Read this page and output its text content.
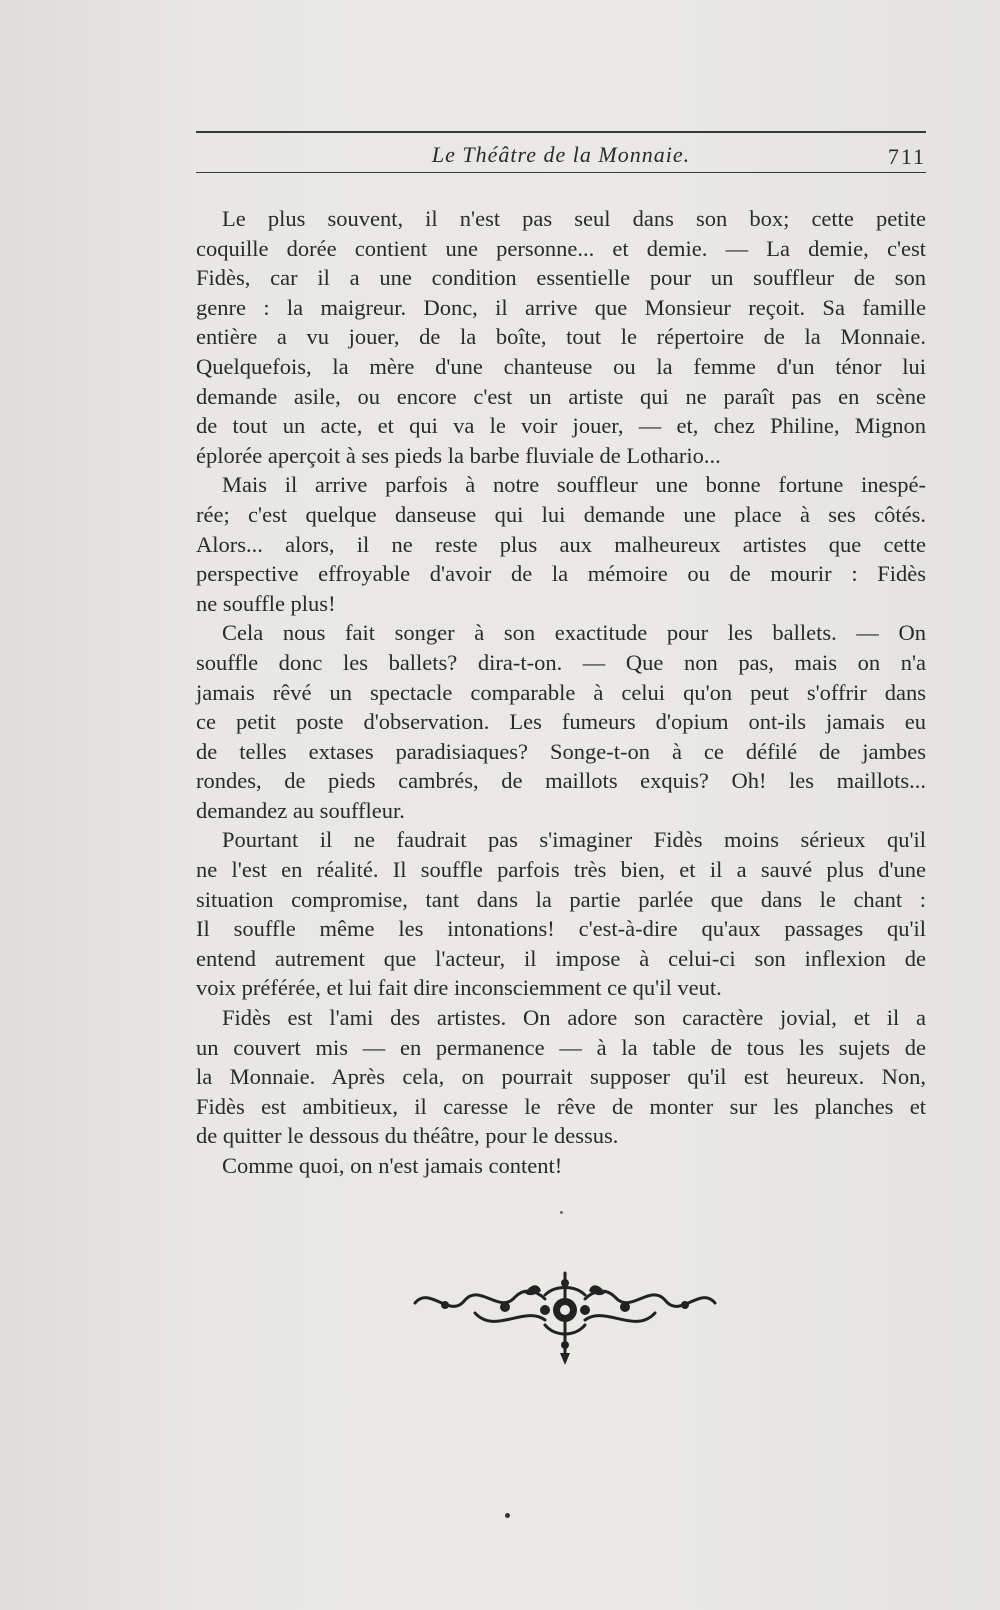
Le Théâtre de la Monnaie.	711
Le plus souvent, il n'est pas seul dans son box; cette petite
coquille dorée contient une personne... et demie. — La demie, c'est
Fidès, car il a une condition essentielle pour un souffleur de son
genre : la maigreur. Donc, il arrive que Monsieur reçoit. Sa famille
entière a vu jouer, de la boîte, tout le répertoire de la Monnaie.
Quelquefois, la mère d'une chanteuse ou la femme d'un ténor lui
demande asile, ou encore c'est un artiste qui ne paraît pas en scène
de tout un acte, et qui va le voir jouer, — et, chez Philine, Mignon
éplorée aperçoit à ses pieds la barbe fluviale de Lothario...
Mais il arrive parfois à notre souffleur une bonne fortune inespé-
rée; c'est quelque danseuse qui lui demande une place à ses côtés.
Alors... alors, il ne reste plus aux malheureux artistes que cette
perspective effroyable d'avoir de la mémoire ou de mourir : Fidès
ne souffle plus!
Cela nous fait songer à son exactitude pour les ballets. — On
souffle donc les ballets? dira-t-on. — Que non pas, mais on n'a
jamais rêvé un spectacle comparable à celui qu'on peut s'offrir dans
ce petit poste d'observation. Les fumeurs d'opium ont-ils jamais eu
de telles extases paradisiaques? Songe-t-on à ce défilé de jambes
rondes, de pieds cambrés, de maillots exquis? Oh! les maillots...
demandez au souffleur.
Pourtant il ne faudrait pas s'imaginer Fidès moins sérieux qu'il
ne l'est en réalité. Il souffle parfois très bien, et il a sauvé plus d'une
situation compromise, tant dans la partie parlée que dans le chant :
Il souffle même les intonations! c'est-à-dire qu'aux passages qu'il
entend autrement que l'acteur, il impose à celui-ci son inflexion de
voix préférée, et lui fait dire inconsciemment ce qu'il veut.
Fidès est l'ami des artistes. On adore son caractère jovial, et il a
un couvert mis — en permanence — à la table de tous les sujets de
la Monnaie. Après cela, on pourrait supposer qu'il est heureux. Non,
Fidès est ambitieux, il caresse le rêve de monter sur les planches et
de quitter le dessous du théâtre, pour le dessus.
Comme quoi, on n'est jamais content!
